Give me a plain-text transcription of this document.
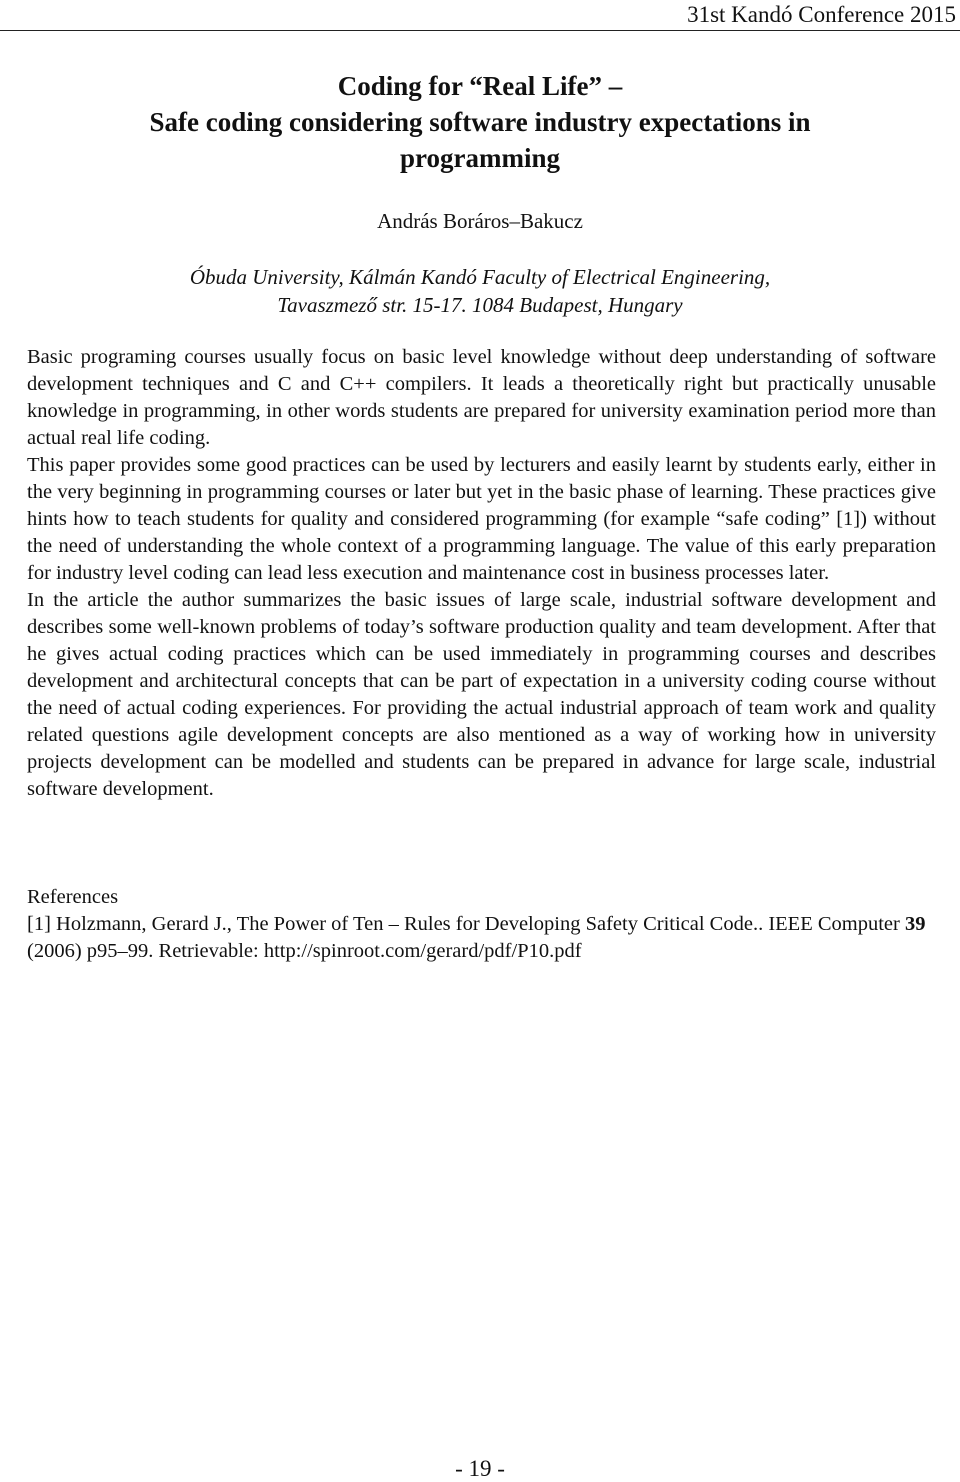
31st Kandó Conference 2015

Coding for “Real Life” –

Safe coding considering software industry expectations in

programming

András Boráros–Bakucz
Óbuda University, Kálmán Kandó Faculty of Electrical Engineering,
Tavaszmező str. 15-17. 1084 Budapest, Hungary

Basic programing courses usually focus on basic level knowledge without deep understanding of software development techniques and C and C++ compilers. It leads a theoretically right but practically unusable knowledge in programming, in other words students are prepared for university examination period more than actual real life coding.

This paper provides some good practices can be used by lecturers and easily learnt by students early, either in the very beginning in programming courses or later but yet in the basic phase of learning. These practices give hints how to teach students for quality and considered programming (for example “safe coding” [1]) without the need of understanding the whole context of a programming language. The value of this early preparation for industry level coding can lead less execution and maintenance cost in business processes later.

In the article the author summarizes the basic issues of large scale, industrial software development and describes some well-known problems of today’s software production quality and team development. After that he gives actual coding practices which can be used immediately in programming courses and describes development and architectural concepts that can be part of expectation in a university coding course without the need of actual coding experiences. For providing the actual industrial approach of team work and quality related questions agile development concepts are also mentioned as a way of working how in university projects development can be modelled and students can be prepared in advance for large scale, industrial software development.

References

[1] Holzmann, Gerard J., The Power of Ten – Rules for Developing Safety Critical Code.. IEEE Computer 39 (2006) p95–99. Retrievable: http://spinroot.com/gerard/pdf/P10.pdf

- 19 -
